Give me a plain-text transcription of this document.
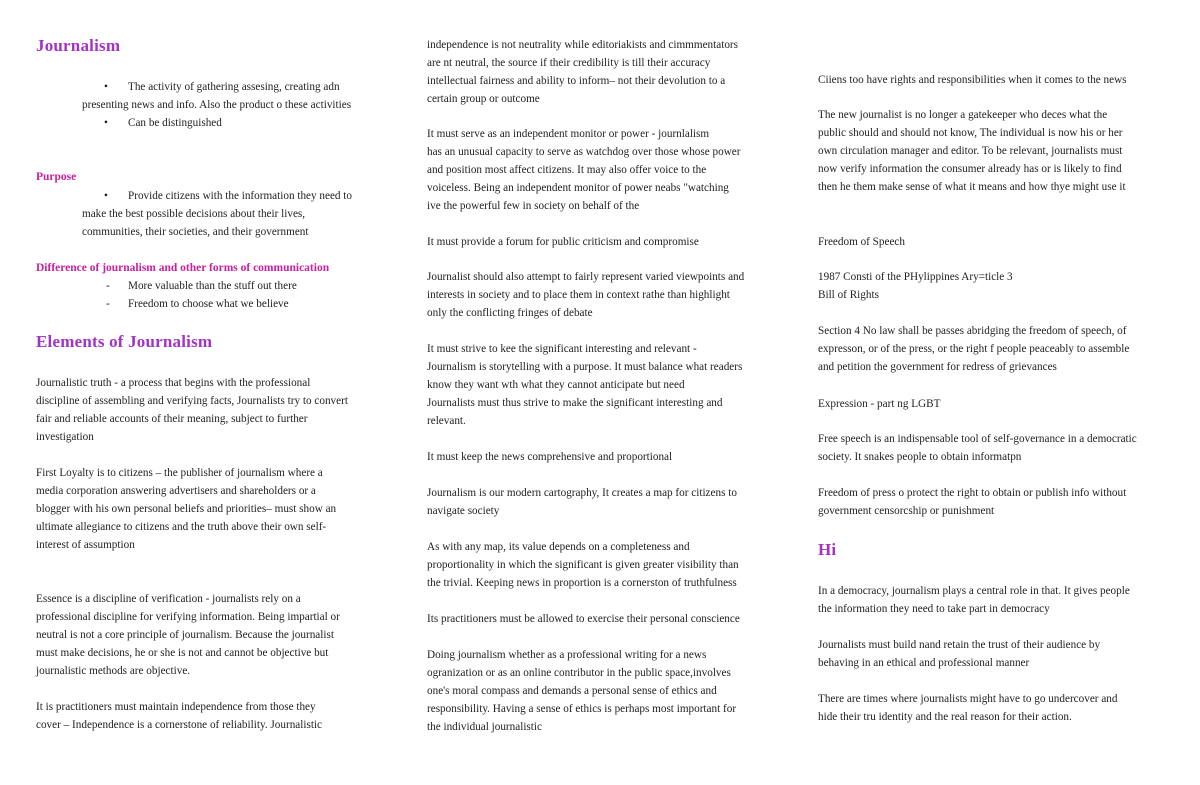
Journalism
•	The activity of gathering assesing, creating adn
presenting news and info. Also the product o these activities
•	Can be distinguished
Purpose
•	Provide citizens with the information they need to
make the best possible decisions about their lives,
communities, their societies, and their government
Difference of journalism and other forms of communication
-	More valuable than the stuff out there
-	Freedom to choose what we believe
Elements of Journalism
Journalistic truth - a process that begins with the professional
discipline of assembling and verifying facts, Journalists try to convert
fair and reliable accounts of their meaning, subject to further
investigation
First Loyalty is to citizens – the publisher of journalism where a
media corporation answering advertisers and shareholders or a
blogger with his own personal beliefs and priorities– must show an
ultimate allegiance to citizens and the truth above their own self-
interest of assumption
Essence is a discipline of verification - journalists rely on a
professional discipline for verifying information. Being impartial or
neutral is not a core principle of journalism. Because the journalist
must make decisions, he or she is not and cannot be objective but
journalistic methods are objective.
It is practitioners must maintain independence from those they
cover – Independence is a cornerstone of reliability. Journalistic
independence is not neutrality while editoriakists and cimmmentators
are nt neutral, the source if their credibility is till their accuracy
intellectual fairness and ability to inform– not their devolution to a
certain group or outcome
It must serve as an independent monitor or power - journlalism
has an unusual capacity to serve as watchdog over those whose power
and position most affect citizens. It may also offer voice to the
voiceless. Being an independent monitor of power neabs "watching
ive the powerful few in society on behalf of the
It must provide a forum for public criticism and compromise
Journalist should also attempt to fairly represent varied viewpoints and
interests in society and to place them in context rathe than highlight
only the conflicting fringes of debate
It must strive to kee the significant interesting and relevant -
Journalism is storytelling with a purpose. It must balance what readers
know they want wth what they cannot anticipate but need
Journalists must thus strive to make the significant interesting and
relevant.
It must keep the news comprehensive and proportional
Journalism is our modern cartography, It creates a map for citizens to
navigate society
As with any map, its value depends on a completeness and
proportionality in which the significant is given greater visibility than
the trivial. Keeping news in proportion is a cornerston of truthfulness
Its practitioners must be allowed to exercise their personal conscience
Doing journalism whether as a professional writing for a news
ogranization or as an online contributor in the public space,involves
one's moral compass and demands a personal sense of ethics and
responsibility. Having a sense of ethics is perhaps most important for
the individual journalistic
Ciiens too have rights and responsibilities when it comes to the news
The new journalist is no longer a gatekeeper who deces what the
public should and should not know, The individual is now his or her
own circulation manager and editor. To be relevant, journalists must
now verify information the consumer already has or is likely to find
then he them make sense of what it means and how thye might use it
Freedom of Speech
1987 Consti of the PHylippines Ary=ticle 3
Bill of Rights
Section 4 No law shall be passes abridging the freedom of speech, of
expresson, or of the press, or the right f people peaceably to assemble
and petition the government for redress of grievances
Expression - part ng LGBT
Free speech is an indispensable tool of self-governance in a democratic
society. It snakes people to obtain informatpn
Freedom of press o protect the right to obtain or publish info without
government censorcship or punishment
Hi
In a democracy, journalism plays a central role in that. It gives people
the information they need to take part in democracy
Journalists must build nand retain the trust of their audience by
behaving in an ethical and professional manner
There are times where journalists might have to go undercover and
hide their tru identity and the real reason for their action.
